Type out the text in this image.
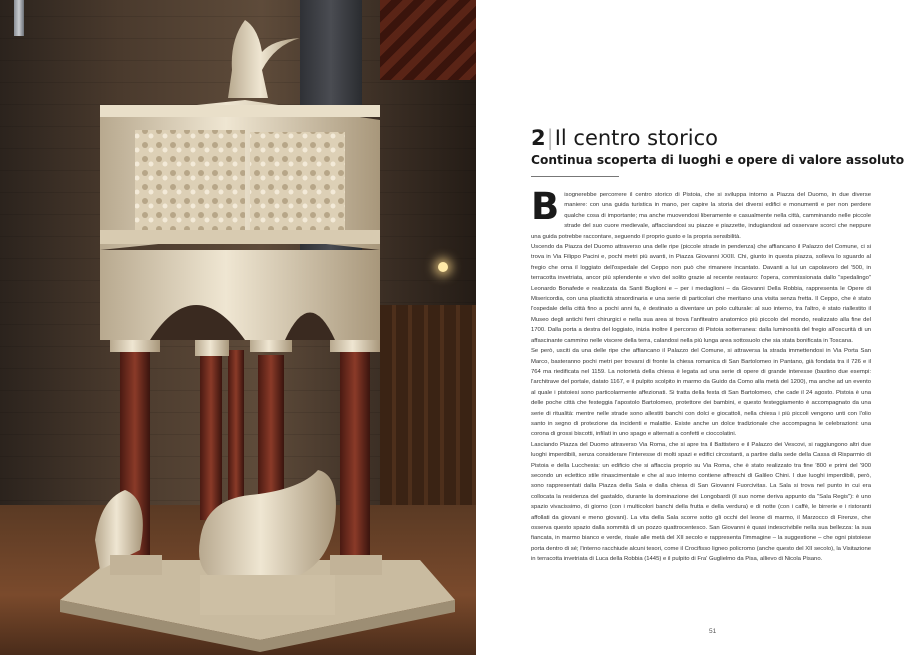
2|Il centro storico
Continua scoperta di luoghi e opere di valore assoluto

Bisognerebbe percorrere il centro storico di Pistoia, che si sviluppa intorno a Piazza del Duomo, in due diverse maniere: con una guida turistica in mano, per capire la storia dei diversi edifici e monumenti e per non perdere qualche cosa di importante; ma anche muovendosi liberamente e casualmente nella città, camminando nelle piccole strade del suo cuore medievale, affacciandosi su piazze e piazzette, indugiandosi ad osservare scorci che neppure una guida potrebbe raccontare, seguendo il proprio gusto e la propria sensibilità.

Uscendo da Piazza del Duomo attraverso una delle ripe (piccole strade in pendenza) che affiancano il Palazzo del Comune, ci si trova in Via Filippo Pacini e, pochi metri più avanti, in Piazza Giovanni XXIII. Chi, giunto in questa piazza, solleva lo sguardo al fregio che orna il loggiato dell'ospedale del Ceppo non può che rimanere incantato. Davanti a lui un capolavoro del '500, in terracotta invetriata, ancor più splendente e vivo del solito grazie al recente restauro: l'opera, commissionata dallo "spedalingo" Leonardo Bonafede e realizzata da Santi Buglioni e – per i medaglioni – da Giovanni Della Robbia, rappresenta le Opere di Misericordia, con una plasticità straordinaria e una serie di particolari che meritano una visita senza fretta. Il Ceppo, che è stato l'ospedale della città fino a pochi anni fa, è destinato a diventare un polo culturale: al suo interno, tra l'altro, è stato riallestito il Museo degli antichi ferri chirurgici e nella sua area si trova l'anfiteatro anatomico più piccolo del mondo, realizzato alla fine del 1700. Dalla porta a destra del loggiato, inizia inoltre il percorso di Pistoia sotterranea: dalla luminosità del fregio all'oscurità di un affascinante cammino nelle viscere della terra, calandosi nella più lunga area sottosuolo che sia stata bonificata in Toscana.

Se però, usciti da una delle ripe che affiancano il Palazzo del Comune, si attraversa la strada immettendosi in Via Porta San Marco, basteranno pochi metri per trovarsi di fronte la chiesa romanica di San Bartolomeo in Pantano, già fondata tra il 726 e il 764 ma riedificata nel 1159. La notorietà della chiesa è legata ad una serie di opere di grande interesse (bastino due esempi: l'architrave del portale, datato 1167, e il pulpito scolpito in marmo da Guido da Como alla metà del 1200), ma anche ad un evento al quale i pistoiesi sono particolarmente affezionati. Si tratta della festa di San Bartolomeo, che cade il 24 agosto. Pistoia è una delle poche città che festeggia l'apostolo Bartolomeo, protettore dei bambini, e questo festeggiamento è accompagnato da una serie di ritualità: mentre nelle strade sono allestiti banchi con dolci e giocattoli, nella chiesa i più piccoli vengono unti con l'olio santo in segno di protezione da incidenti e malattie. Esiste anche un dolce tradizionale che accompagna le celebrazioni: una corona di grossi biscotti, infilati in uno spago e alternati a confetti e cioccolatini.

Lasciando Piazza del Duomo attraverso Via Roma, che si apre tra il Battistero e il Palazzo dei Vescovi, si raggiungono altri due luoghi imperdibili, senza considerare l'interesse di molti spazi e edifici circostanti, a partire dalla sede della Cassa di Risparmio di Pistoia e della Lucchesia: un edificio che si affaccia proprio su Via Roma, che è stato realizzato tra fine '800 e primi del '900 secondo un eclettico stile rinascimentale e che al suo interno contiene affreschi di Galileo Chini. I due luoghi imperdibili, però, sono rappresentati dalla Piazza della Sala e dalla chiesa di San Giovanni Fuorcivitas. La Sala si trova nel punto in cui era collocata la residenza del gastaldo, durante la dominazione dei Longobardi (il suo nome deriva appunto da "Sala Regis"): è uno spazio vivacissimo, di giorno (con i multicolori banchi della frutta e della verdura) e di notte (con i caffè, le birrerie e i ristoranti affollati da giovani e meno giovani). La vita della Sala scorre sotto gli occhi del leone di marmo, il Marzocco di Firenze, che osserva questo spazio dalla sommità di un pozzo quattrocentesco. San Giovanni è quasi indescrivibile nella sua bellezza: la sua fiancata, in marmo bianco e verde, risale alle metà del XII secolo e rappresenta l'immagine – la suggestione – che ogni pistoiese porta dentro di sé; l'interno racchiude alcuni tesori, come il Crocifisso ligneo policromo (anche questo del XII secolo), la Visitazione in terracotta invetriata di Luca della Robbia (1445) e il pulpito di Fra' Guglielmo da Pisa, allievo di Nicola Pisano.

51
